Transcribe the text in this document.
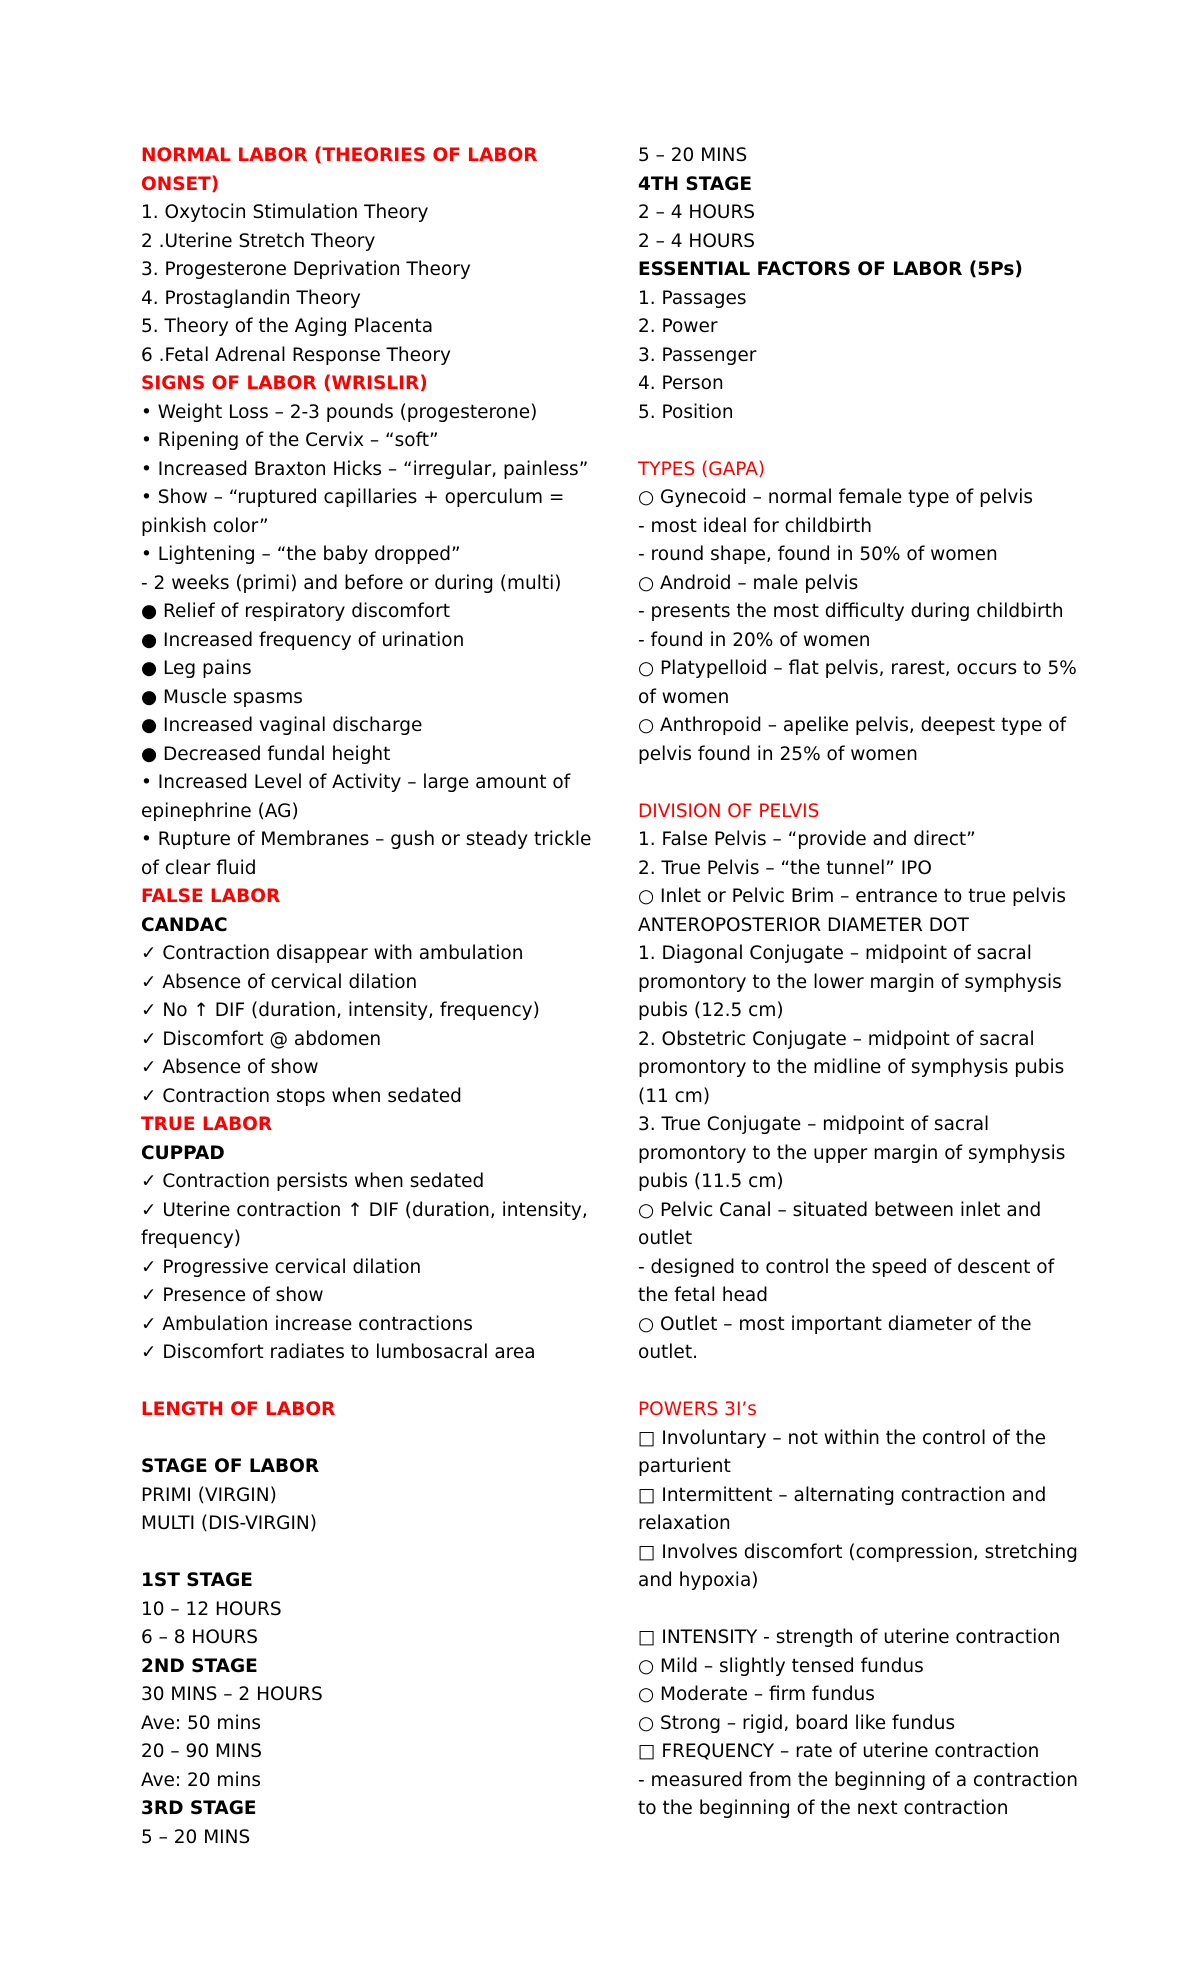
NORMAL LABOR (THEORIES OF LABOR ONSET)
1. Oxytocin Stimulation Theory
2 .Uterine Stretch Theory
3. Progesterone Deprivation Theory
4. Prostaglandin Theory
5. Theory of the Aging Placenta
6 .Fetal Adrenal Response Theory
SIGNS OF LABOR (WRISLIR)
• Weight Loss – 2-3 pounds (progesterone)
• Ripening of the Cervix – “soft”
• Increased Braxton Hicks – “irregular, painless”
• Show – “ruptured capillaries + operculum = pinkish color”
• Lightening – “the baby dropped”
- 2 weeks (primi) and before or during (multi)
● Relief of respiratory discomfort
● Increased frequency of urination
● Leg pains
● Muscle spasms
● Increased vaginal discharge
● Decreased fundal height
• Increased Level of Activity – large amount of epinephrine (AG)
• Rupture of Membranes – gush or steady trickle of clear fluid
FALSE LABOR
CANDAC
✓ Contraction disappear with ambulation
✓ Absence of cervical dilation
✓ No ↑ DIF (duration, intensity, frequency)
✓ Discomfort @ abdomen
✓ Absence of show
✓ Contraction stops when sedated
TRUE LABOR
CUPPAD
✓ Contraction persists when sedated
✓ Uterine contraction ↑ DIF (duration, intensity, frequency)
✓ Progressive cervical dilation
✓ Presence of show
✓ Ambulation increase contractions
✓ Discomfort radiates to lumbosacral area
LENGTH OF LABOR
STAGE OF LABOR
PRIMI (VIRGIN)
MULTI (DIS-VIRGIN)
1ST STAGE
10 – 12 HOURS
6 – 8 HOURS
2ND STAGE
30 MINS – 2 HOURS
Ave: 50 mins
20 – 90 MINS
Ave: 20 mins
3RD STAGE
5 – 20 MINS
5 – 20 MINS
4TH STAGE
2 – 4 HOURS
2 – 4 HOURS
ESSENTIAL FACTORS OF LABOR (5Ps)
1. Passages
2. Power
3. Passenger
4. Person
5. Position
TYPES (GAPA)
○ Gynecoid – normal female type of pelvis
- most ideal for childbirth
- round shape, found in 50% of women
○ Android – male pelvis
- presents the most difficulty during childbirth
- found in 20% of women
○ Platypelloid – flat pelvis, rarest, occurs to 5% of women
○ Anthropoid – apelike pelvis, deepest type of pelvis found in 25% of women
DIVISION OF PELVIS
1. False Pelvis – “provide and direct”
2. True Pelvis – “the tunnel” IPO
○ Inlet or Pelvic Brim – entrance to true pelvis
ANTEROPOSTERIOR DIAMETER DOT
1. Diagonal Conjugate – midpoint of sacral promontory to the lower margin of symphysis pubis (12.5 cm)
2. Obstetric Conjugate – midpoint of sacral promontory to the midline of symphysis pubis (11 cm)
3. True Conjugate – midpoint of sacral promontory to the upper margin of symphysis pubis (11.5 cm)
○ Pelvic Canal – situated between inlet and outlet
- designed to control the speed of descent of the fetal head
○ Outlet – most important diameter of the outlet.
POWERS 3I’s
□ Involuntary – not within the control of the parturient
□ Intermittent – alternating contraction and relaxation
□ Involves discomfort (compression, stretching and hypoxia)
□ INTENSITY - strength of uterine contraction
○ Mild – slightly tensed fundus
○ Moderate – firm fundus
○ Strong – rigid, board like fundus
□ FREQUENCY – rate of uterine contraction
- measured from the beginning of a contraction to the beginning of the next contraction
